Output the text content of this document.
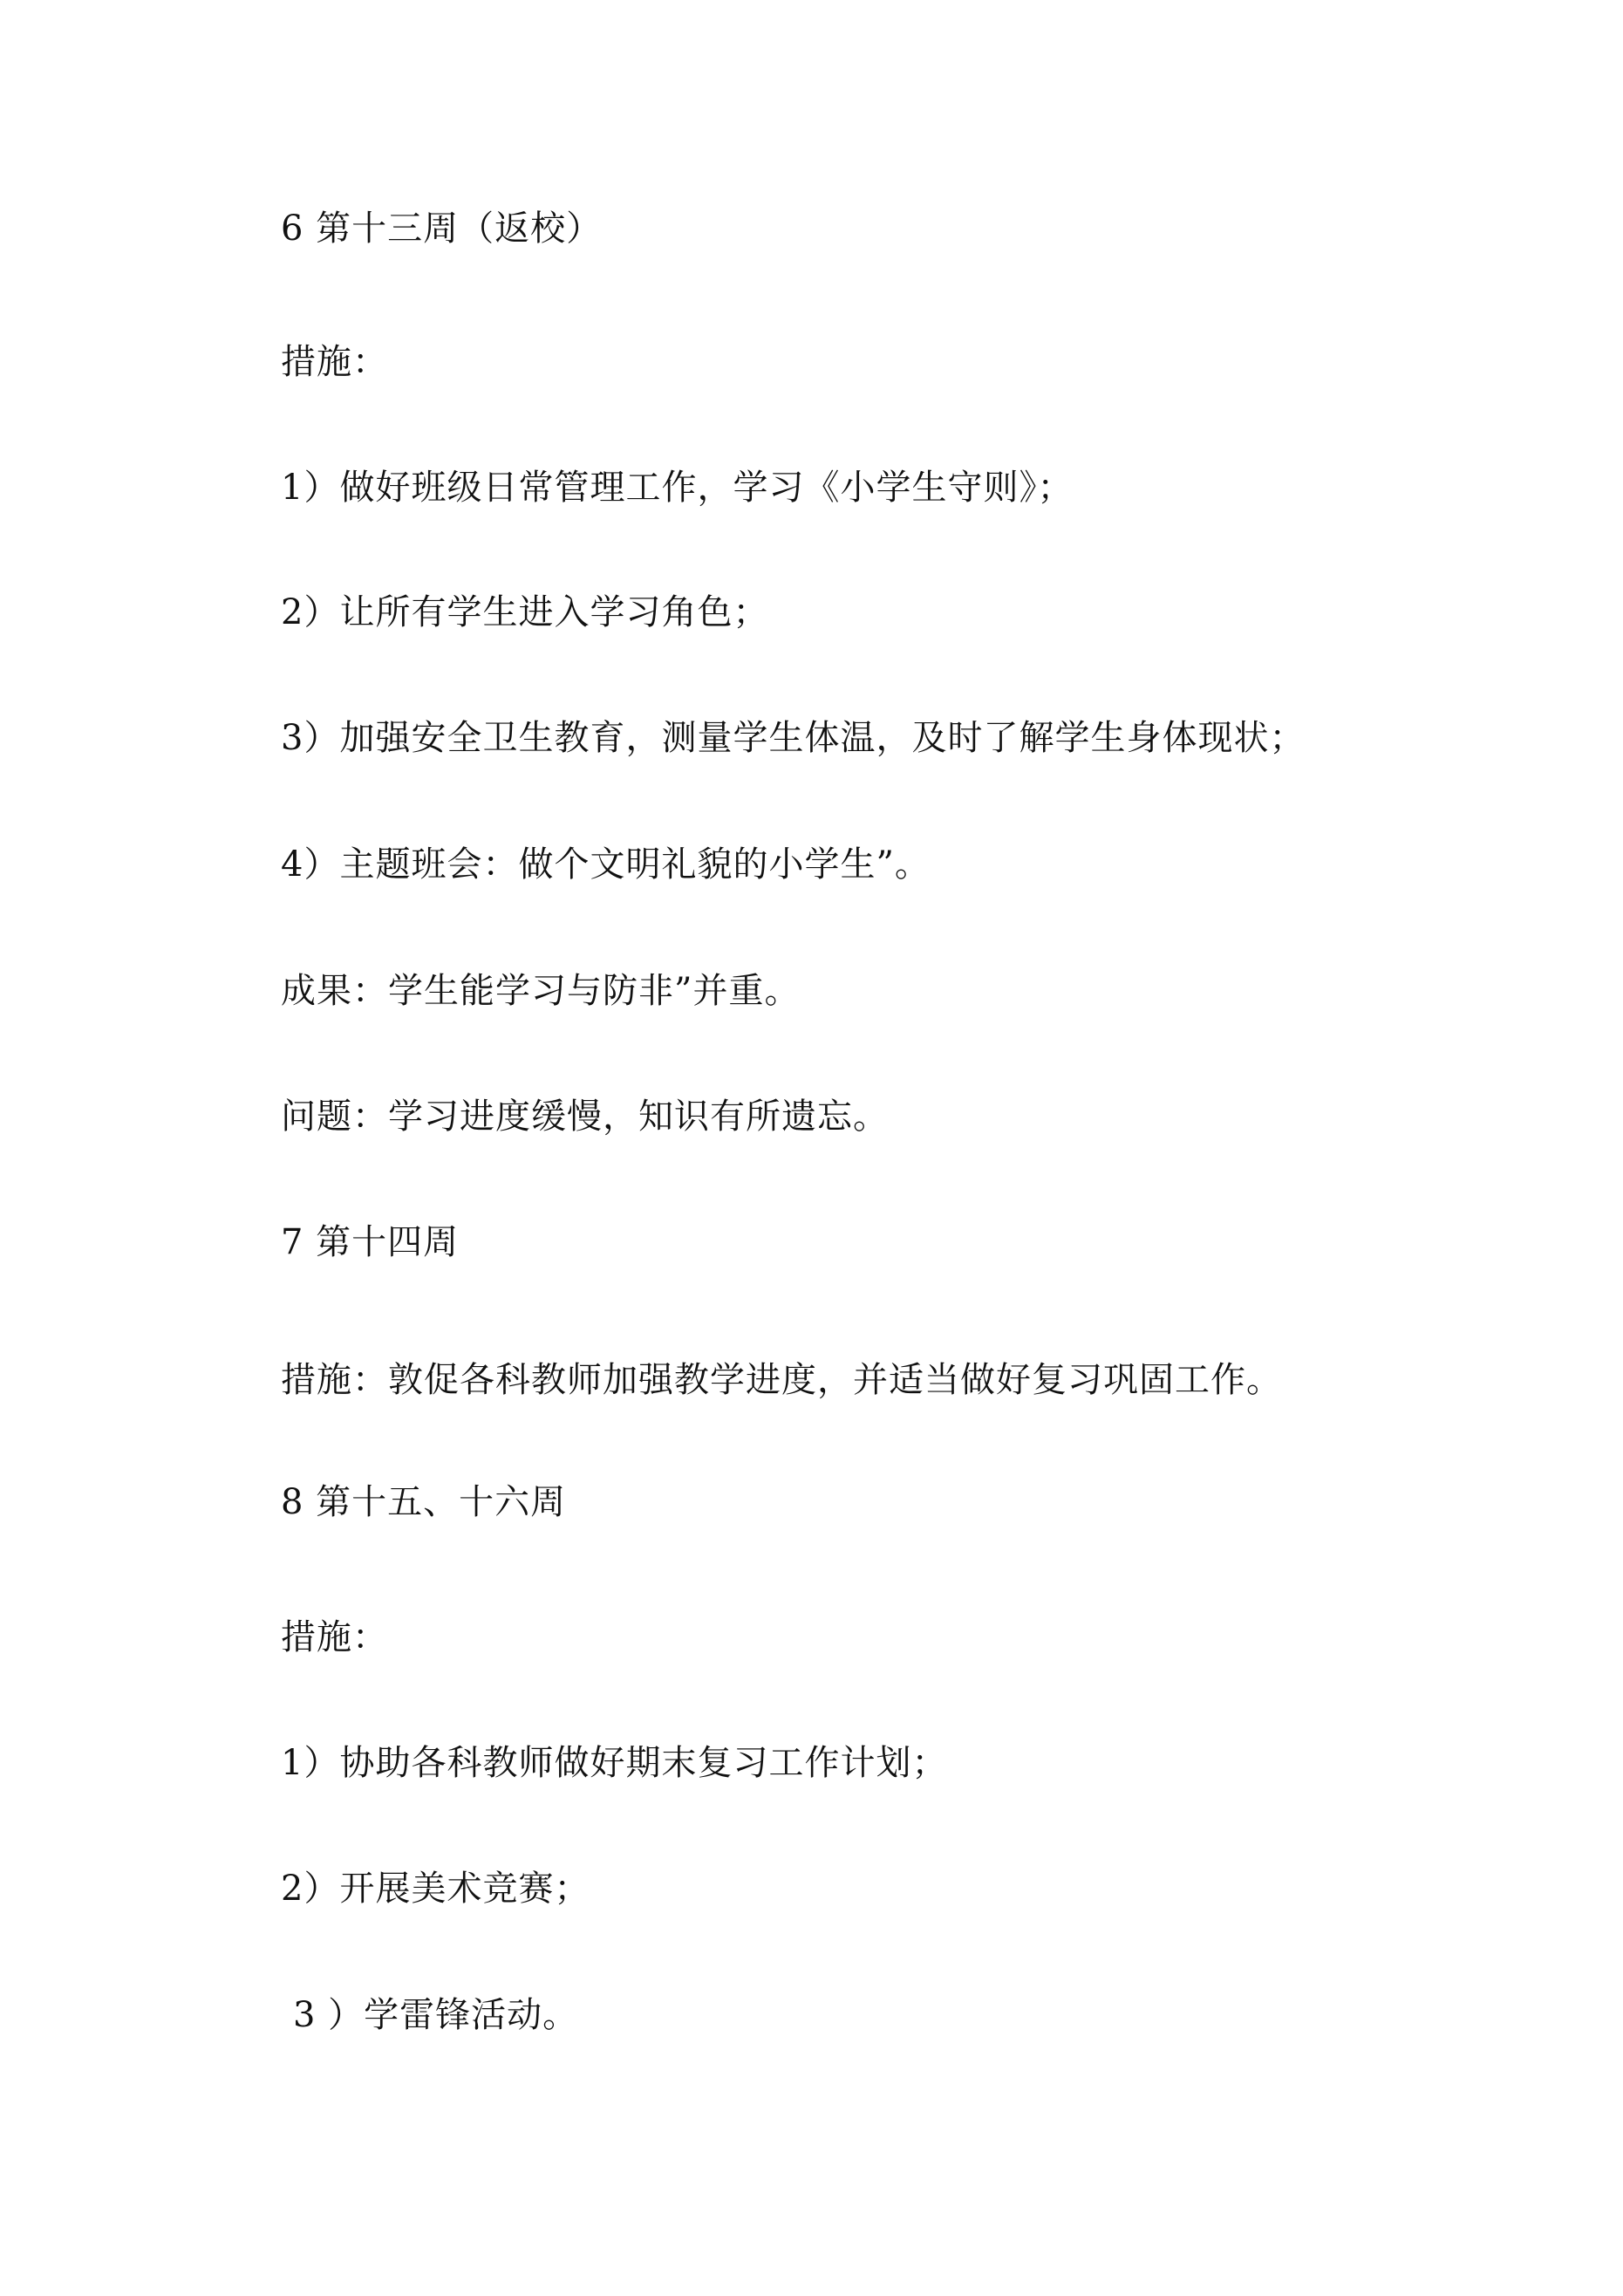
6 第十三周（返校）
措施：
1）做好班级日常管理工作，学习《小学生守则》；
2）让所有学生进入学习角色；
3）加强安全卫生教育，测量学生体温，及时了解学生身体现状；
4）主题班会：做个文明礼貌的小学生”。
成果：学生能学习与防非”并重。
问题：学习进度缓慢，知识有所遗忘。
7 第十四周
措施：敦促各科教师加强教学进度，并适当做好复习巩固工作。
8 第十五、十六周
措施：
1）协助各科教师做好期末复习工作计划；
2）开展美术竞赛；
3 ）学雷锋活动。
